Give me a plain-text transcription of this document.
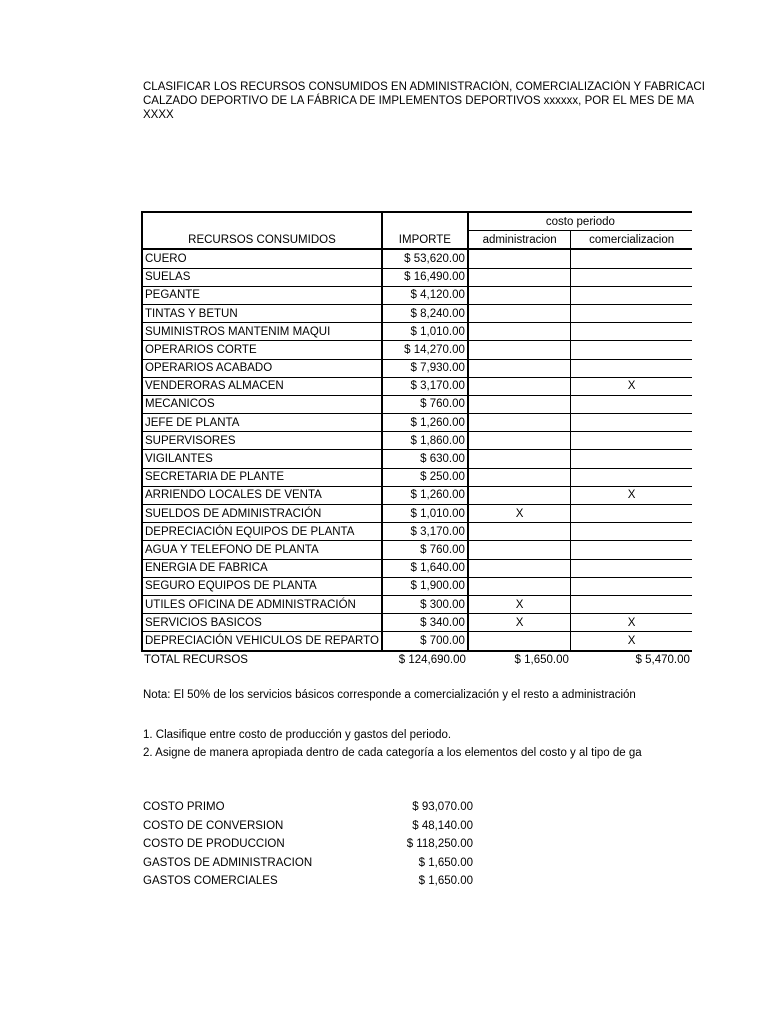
CLASIFICAR LOS RECURSOS CONSUMIDOS EN ADMINISTRACIÓN, COMERCIALIZACIÓN Y FABRICACI
CALZADO DEPORTIVO DE LA FÁBRICA DE IMPLEMENTOS DEPORTIVOS xxxxxx, POR EL MES DE MA
XXXX
		costo periodo	
RECURSOS CONSUMIDOS	IMPORTE	administracion	comercializacion
CUERO	$ 53,620.00		
SUELAS	$ 16,490.00		
PEGANTE	$ 4,120.00		
TINTAS Y BETUN	$ 8,240.00		
SUMINISTROS MANTENIM MAQUI	$ 1,010.00		
OPERARIOS CORTE	$ 14,270.00		
OPERARIOS ACABADO	$ 7,930.00		
VENDERORAS ALMACEN	$ 3,170.00		X
MECANICOS	$ 760.00		
JEFE DE PLANTA	$ 1,260.00		
SUPERVISORES	$ 1,860.00		
VIGILANTES	$ 630.00		
SECRETARIA DE PLANTE	$ 250.00		
ARRIENDO LOCALES DE VENTA	$ 1,260.00		X
SUELDOS DE ADMINISTRACIÓN	$ 1,010.00	X	
DEPRECIACIÓN EQUIPOS DE PLANTA	$ 3,170.00		
AGUA Y TELEFONO DE PLANTA	$ 760.00		
ENERGIA DE FABRICA	$ 1,640.00		
SEGURO EQUIPOS DE PLANTA	$ 1,900.00		
UTILES OFICINA DE ADMINISTRACIÓN	$ 300.00	X	
SERVICIOS BASICOS	$ 340.00	X	X
DEPRECIACIÓN VEHICULOS DE REPARTO	$ 700.00		X
TOTAL RECURSOS	$ 124,690.00	$ 1,650.00	$ 5,470.00
Nota: El 50% de los servicios básicos corresponde a comercialización y el resto a administración
1. Clasifique entre costo de producción y gastos del periodo.
2. Asigne de manera apropiada dentro de cada categoría a los elementos del costo y al tipo de ga
COSTO PRIMO	$ 93,070.00
COSTO DE CONVERSION	$ 48,140.00
COSTO DE PRODUCCION	$ 118,250.00
GASTOS DE ADMINISTRACION	$ 1,650.00
GASTOS COMERCIALES	$ 1,650.00
